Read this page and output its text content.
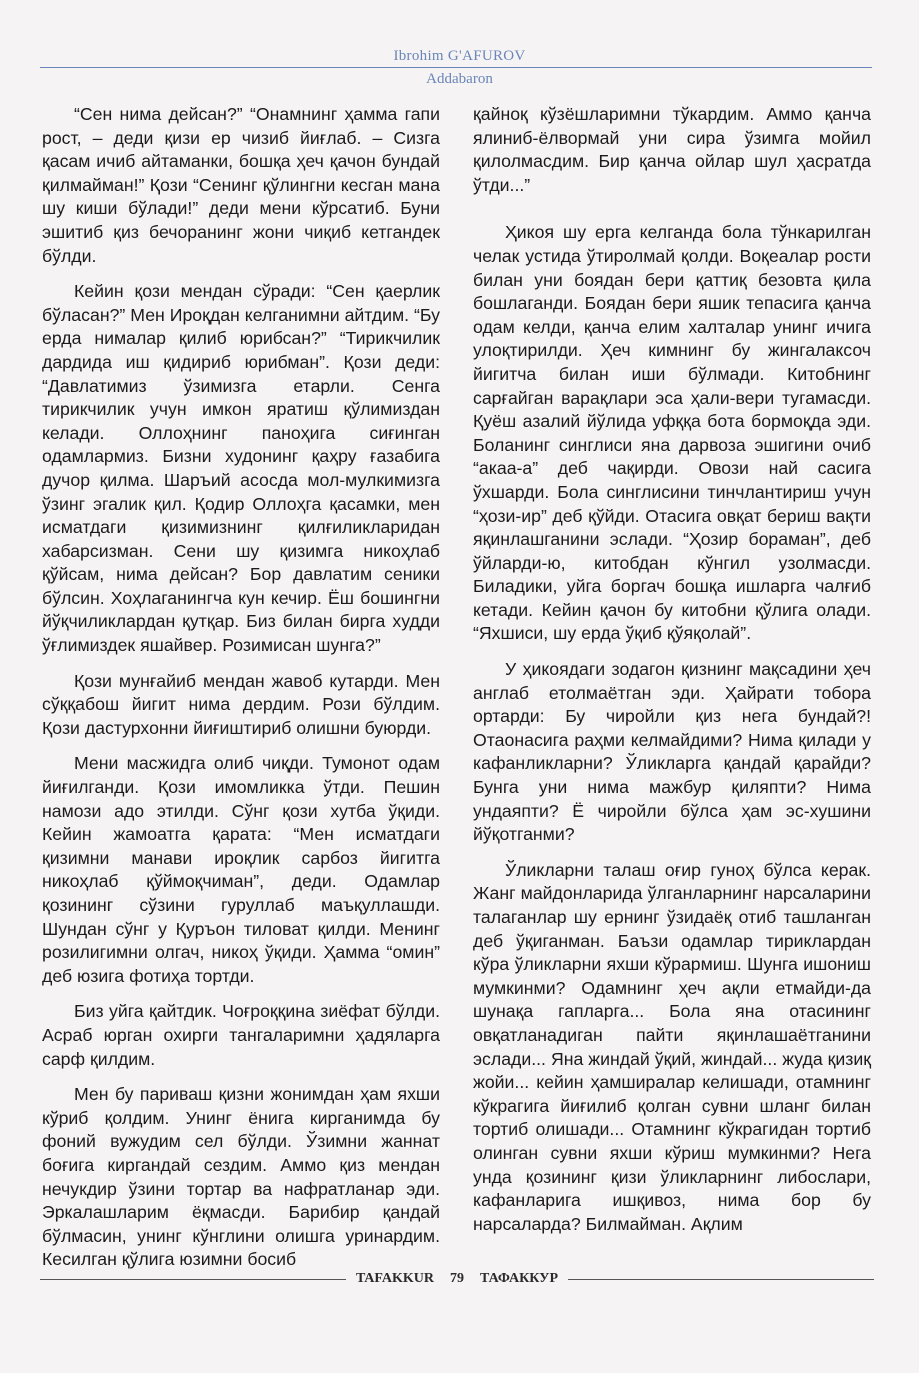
Ibrohim G'AFUROV
Addabaron

“Сен нима дейсан?” “Онамнинг ҳамма гапи рост, – деди қизи ер чизиб йиғлаб. – Сизга қасам ичиб айтаманки, бошқа ҳеч қачон бундай қилмайман!” Қози “Сенинг қўлингни кесган мана шу киши бўлади!” деди мени кўрсатиб. Буни эшитиб қиз бечоранинг жони чиқиб кетгандек бўлди.

Кейин қози мендан сўради: “Сен қаерлик бўласан?” Мен Ироқдан келганимни айтдим. “Бу ерда нималар қилиб юрибсан?” “Тирикчилик дардида иш қидириб юрибман”. Қози деди: “Давлатимиз ўзимизга етарли. Сенга тирикчилик учун имкон яратиш қўлимиздан келади. Оллоҳнинг паноҳига сиғинган одамлармиз. Бизни худонинг қаҳру ғазабига дучор қилма. Шаръий асосда мол-мулкимизга ўзинг эгалик қил. Қодир Оллоҳга қасамки, мен исматдаги қизимизнинг қилғиликларидан хабарсизман. Сени шу қизимга никоҳлаб қўйсам, нима дейсан? Бор давлатим сеники бўлсин. Хоҳлаганингча кун кечир. Ёш бошингни йўқчиликлардан қутқар. Биз билан бирга худди ўғлимиздек яшайвер. Розимисан шунга?”

Қози мунғайиб мендан жавоб кутарди. Мен сўққабош йигит нима дердим. Рози бўлдим. Қози дастурхонни йиғиштириб олишни буюрди.

Мени масжидга олиб чиқди. Тумонот одам йиғилганди. Қози имомликка ўтди. Пешин намози адо этилди. Сўнг қози хутба ўқиди. Кейин жамоатга қарата: “Мен исматдаги қизимни манави ироқлик сарбоз йигитга никоҳлаб қўймоқчиман”, деди. Одамлар қозининг сўзини гуруллаб маъқуллашди. Шундан сўнг у Қуръон тиловат қилди. Менинг розилигимни олгач, никоҳ ўқиди. Ҳамма “омин” деб юзига фотиҳа тортди.

Биз уйга қайтдик. Чоғроққина зиёфат бўлди. Асраб юрган охирги тангаларимни ҳадяларга сарф қилдим.

Мен бу париваш қизни жонимдан ҳам яхши кўриб қолдим. Унинг ёнига кирганимда бу фоний вужудим сел бўлди. Ўзимни жаннат боғига киргандай сездим. Аммо қиз мендан нечукдир ўзини тортар ва нафратланар эди. Эркалашларим ёқмасди. Барибир қандай бўлмасин, унинг кўнглини олишга уринардим. Кесилган қўлига юзимни босиб

қайноқ кўзёшларимни тўкардим. Аммо қанча ялиниб-ёлвормай уни сира ўзимга мойил қилолмасдим. Бир қанча ойлар шул ҳасратда ўтди...”

Ҳикоя шу ерга келганда бола тўнкарилган челак устида ўтиролмай қолди. Воқеалар рости билан уни боядан бери қаттиқ безовта қила бошлаганди. Боядан бери яшик тепасига қанча одам келди, қанча елим халталар унинг ичига улоқтирилди. Ҳеч кимнинг бу жингалаксоч йигитча билан иши бўлмади. Китобнинг сарғайган варақлари эса ҳали-вери тугамасди. Қуёш азалий йўлида уфққа бота бормоқда эди. Боланинг синглиси яна дарвоза эшигини очиб “акаа-а” деб чақирди. Овози най сасига ўхшарди. Бола синглисини тинчлантириш учун “ҳози-ир” деб қўйди. Отасига овқат бериш вақти яқинлашганини эслади. “Ҳозир бораман”, деб ўйларди-ю, китобдан кўнгил узолмасди. Биладики, уйга боргач бошқа ишларга чалғиб кетади. Кейин қачон бу китобни қўлига олади. “Яхшиси, шу ерда ўқиб қўяқолай”.

У ҳикоядаги зодагон қизнинг мақсадини ҳеч англаб етолмаётган эди. Ҳайрати тобора ортарди: Бу чиройли қиз нега бундай?! Отаонасига раҳми келмайдими? Нима қилади у кафанликларни? Ўликларга қандай қарайди? Бунга уни нима мажбур қиляпти? Нима ундаяпти? Ё чиройли бўлса ҳам эс-хушини йўқотганми?

Ўликларни талаш оғир гуноҳ бўлса керак. Жанг майдонларида ўлганларнинг нарсаларини талаганлар шу ернинг ўзидаёқ отиб ташланган деб ўқиганман. Баъзи одамлар тириклардан кўра ўликларни яхши кўрармиш. Шунга ишониш мумкинми? Одамнинг ҳеч ақли етмайди-да шунақа гапларга... Бола яна отасининг овқатланадиган пайти яқинлашаётганини эслади... Яна жиндай ўқий, жиндай... жуда қизиқ жойи... кейин ҳамширалар келишади, отамнинг кўкрагига йиғилиб қолган сувни шланг билан тортиб олишади... Отамнинг кўкрагидан тортиб олинган сувни яхши кўриш мумкинми? Нега унда қозининг қизи ўликларнинг либослари, кафанларига ишқивоз, нима бор бу нарсаларда? Билмайман. Ақлим

TAFAKKUR 79 ТАФАККУР
